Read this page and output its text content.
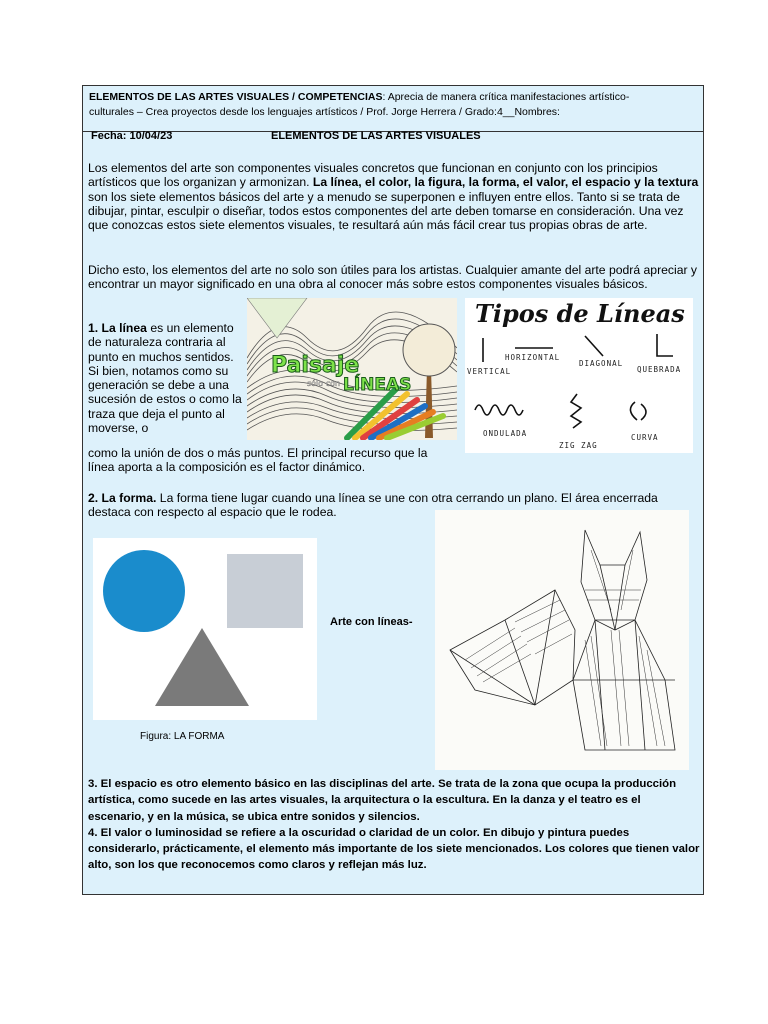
ELEMENTOS DE LAS ARTES VISUALES / COMPETENCIAS: Aprecia de manera crítica manifestaciones artístico-
culturales – Crea proyectos desde los lenguajes artísticos / Prof. Jorge Herrera / Grado:4__Nombres:
Fecha: 10/04/23	ELEMENTOS DE LAS ARTES VISUALES

Los elementos del arte son componentes visuales concretos que funcionan en conjunto con los principios artísticos que los organizan y armonizan. La línea, el color, la figura, la forma, el valor, el espacio y la textura son los siete elementos básicos del arte y a menudo se superponen e influyen entre ellos. Tanto si se trata de dibujar, pintar, esculpir o diseñar, todos estos componentes del arte deben tomarse en consideración. Una vez que conozcas estos siete elementos visuales, te resultará aún más fácil crear tus propias obras de arte.

Dicho esto, los elementos del arte no solo son útiles para los artistas. Cualquier amante del arte podrá apreciar y encontrar un mayor significado en una obra al conocer más sobre estos componentes visuales básicos.

1. La línea es un elemento de naturaleza contraria al punto en muchos sentidos. Si bien, notamos como su generación se debe a una sucesión de estos o como la traza que deja el punto al moverse, o

como la unión de dos o más puntos. El principal recurso que la línea aporta a la composición es el factor dinámico.

Paisaje
sólo con LÍNEAS
Tipos de Líneas
VERTICAL
HORIZONTAL
DIAGONAL
QUEBRADA
ONDULADA
ZIG ZAG
CURVA

2. La forma. La forma tiene lugar cuando una línea se une con otra cerrando un plano. El área encerrada destaca con respecto al espacio que le rodea.

Figura: LA FORMA
Arte con líneas-
3. El espacio es otro elemento básico en las disciplinas del arte. Se trata de la zona que ocupa la producción artística, como sucede en las artes visuales, la arquitectura o la escultura. En la danza y el teatro es el escenario, y en la música, se ubica entre sonidos y silencios.
4. El valor o luminosidad se refiere a la oscuridad o claridad de un color. En dibujo y pintura puedes considerarlo, prácticamente, el elemento más importante de los siete mencionados. Los colores que tienen valor alto, son los que reconocemos como claros y reflejan más luz.
